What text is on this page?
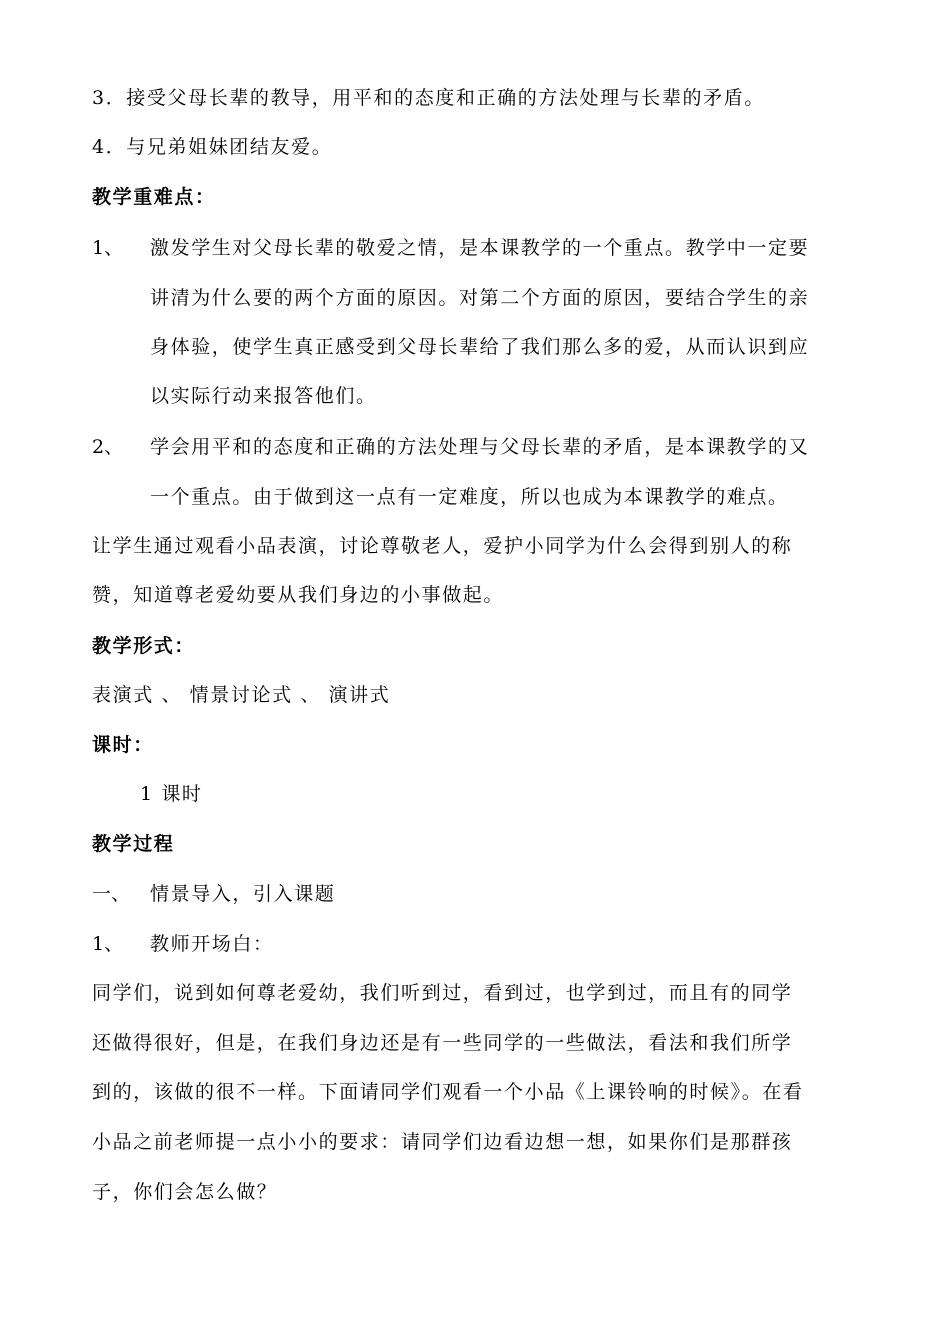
3．接受父母长辈的教导，用平和的态度和正确的方法处理与长辈的矛盾。
4．与兄弟姐妹团结友爱。
教学重难点：
1、 激发学生对父母长辈的敬爱之情，是本课教学的一个重点。教学中一定要
讲清为什么要的两个方面的原因。对第二个方面的原因，要结合学生的亲
身体验，使学生真正感受到父母长辈给了我们那么多的爱，从而认识到应
以实际行动来报答他们。
2、 学会用平和的态度和正确的方法处理与父母长辈的矛盾，是本课教学的又
一个重点。由于做到这一点有一定难度，所以也成为本课教学的难点。
让学生通过观看小品表演，讨论尊敬老人，爱护小同学为什么会得到别人的称
赞，知道尊老爱幼要从我们身边的小事做起。
教学形式：
表演式 、 情景讨论式 、 演讲式
课时：
1 课时
教学过程
一、 情景导入，引入课题
1、 教师开场白：
同学们，说到如何尊老爱幼，我们听到过，看到过，也学到过，而且有的同学
还做得很好，但是，在我们身边还是有一些同学的一些做法，看法和我们所学
到的，该做的很不一样。下面请同学们观看一个小品《上课铃响的时候》。在看
小品之前老师提一点小小的要求：请同学们边看边想一想，如果你们是那群孩
子，你们会怎么做？
